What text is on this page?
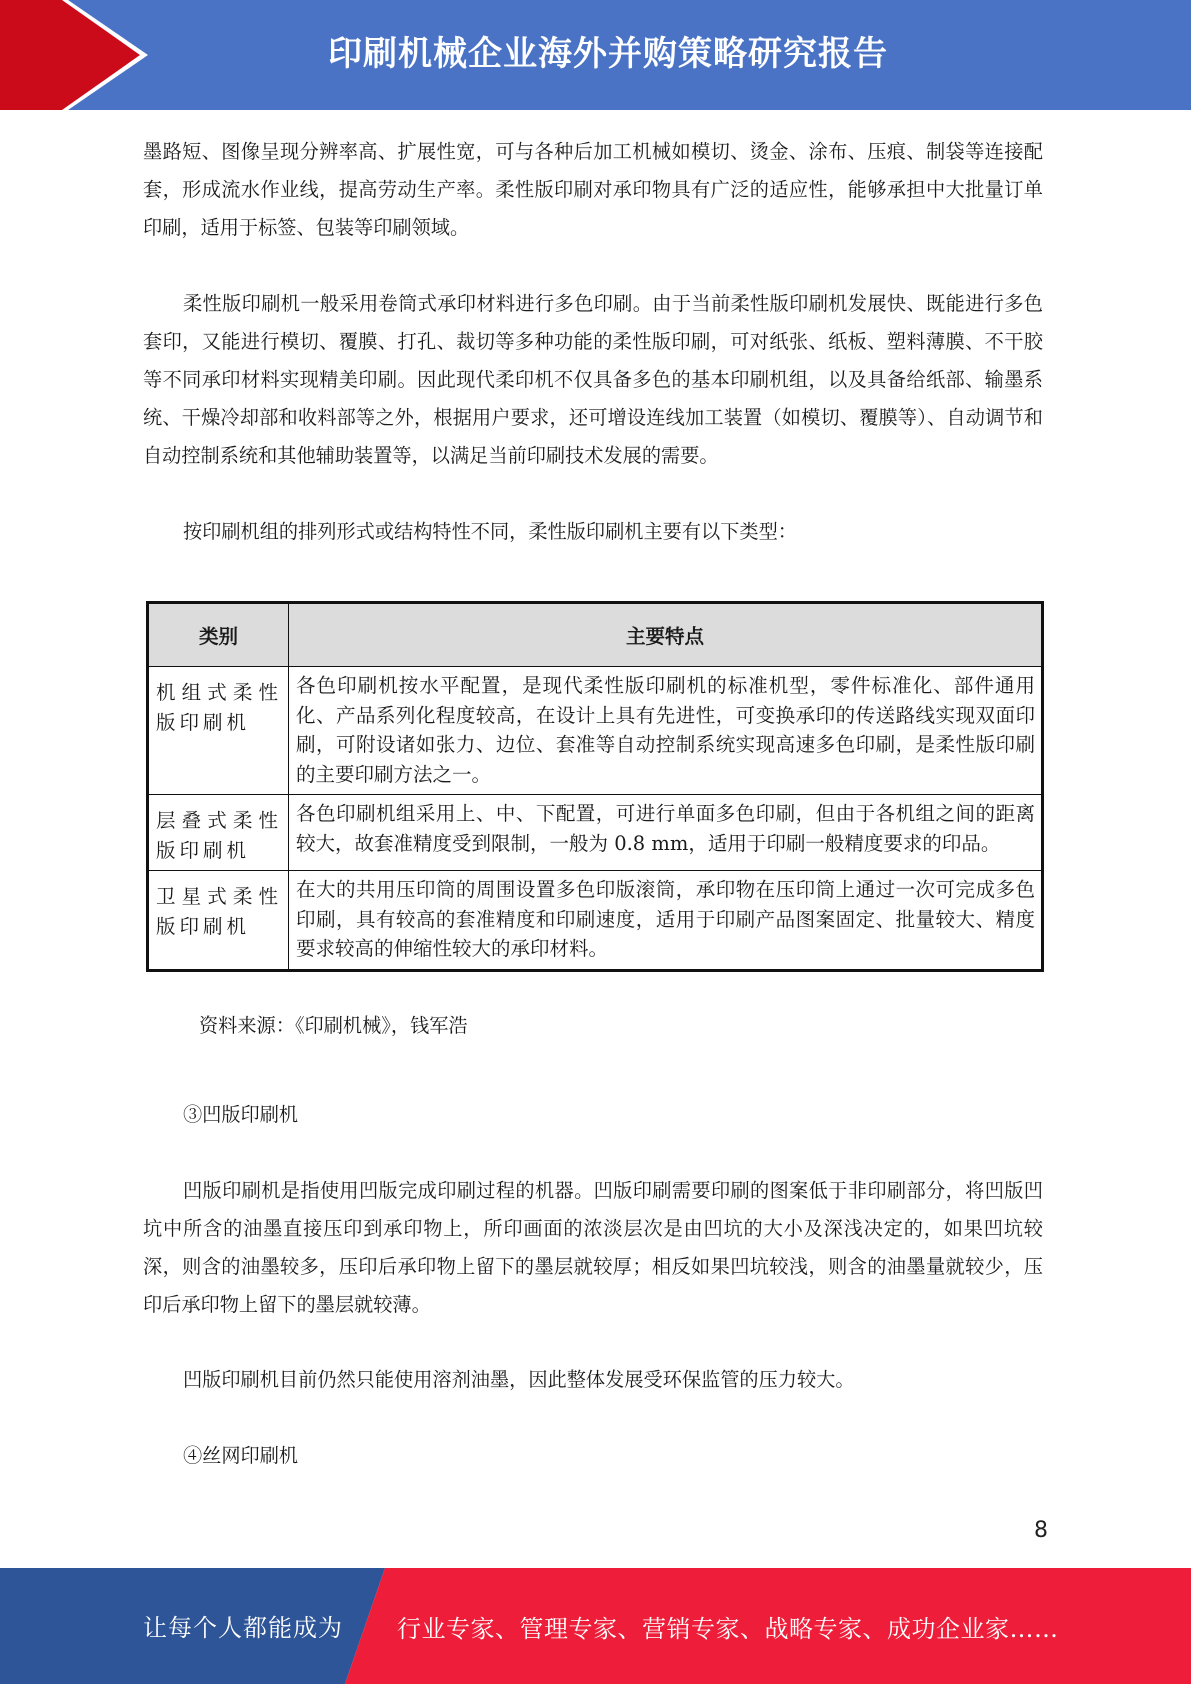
印刷机械企业海外并购策略研究报告

墨路短、图像呈现分辨率高、扩展性宽，可与各种后加工机械如模切、烫金、涂布、压痕、制袋等连接配套，形成流水作业线，提高劳动生产率。柔性版印刷对承印物具有广泛的适应性，能够承担中大批量订单印刷，适用于标签、包装等印刷领域。

柔性版印刷机一般采用卷筒式承印材料进行多色印刷。由于当前柔性版印刷机发展快、既能进行多色套印，又能进行模切、覆膜、打孔、裁切等多种功能的柔性版印刷，可对纸张、纸板、塑料薄膜、不干胶等不同承印材料实现精美印刷。因此现代柔印机不仅具备多色的基本印刷机组，以及具备给纸部、输墨系统、干燥冷却部和收料部等之外，根据用户要求，还可增设连线加工装置（如模切、覆膜等）、自动调节和自动控制系统和其他辅助装置等，以满足当前印刷技术发展的需要。

按印刷机组的排列形式或结构特性不同，柔性版印刷机主要有以下类型：

类别	主要特点
机组式柔性版印刷机	各色印刷机按水平配置，是现代柔性版印刷机的标准机型，零件标准化、部件通用化、产品系列化程度较高，在设计上具有先进性，可变换承印的传送路线实现双面印刷，可附设诸如张力、边位、套准等自动控制系统实现高速多色印刷，是柔性版印刷的主要印刷方法之一。
层叠式柔性版印刷机	各色印刷机组采用上、中、下配置，可进行单面多色印刷，但由于各机组之间的距离较大，故套准精度受到限制，一般为 0.8 mm，适用于印刷一般精度要求的印品。
卫星式柔性版印刷机	在大的共用压印筒的周围设置多色印版滚筒，承印物在压印筒上通过一次可完成多色印刷，具有较高的套准精度和印刷速度，适用于印刷产品图案固定、批量较大、精度要求较高的伸缩性较大的承印材料。
资料来源：《印刷机械》，钱军浩

③凹版印刷机

凹版印刷机是指使用凹版完成印刷过程的机器。凹版印刷需要印刷的图案低于非印刷部分，将凹版凹坑中所含的油墨直接压印到承印物上，所印画面的浓淡层次是由凹坑的大小及深浅决定的，如果凹坑较深，则含的油墨较多，压印后承印物上留下的墨层就较厚；相反如果凹坑较浅，则含的油墨量就较少，压印后承印物上留下的墨层就较薄。

凹版印刷机目前仍然只能使用溶剂油墨，因此整体发展受环保监管的压力较大。

④丝网印刷机

8
让每个人都能成为 行业专家、管理专家、营销专家、战略专家、成功企业家……
